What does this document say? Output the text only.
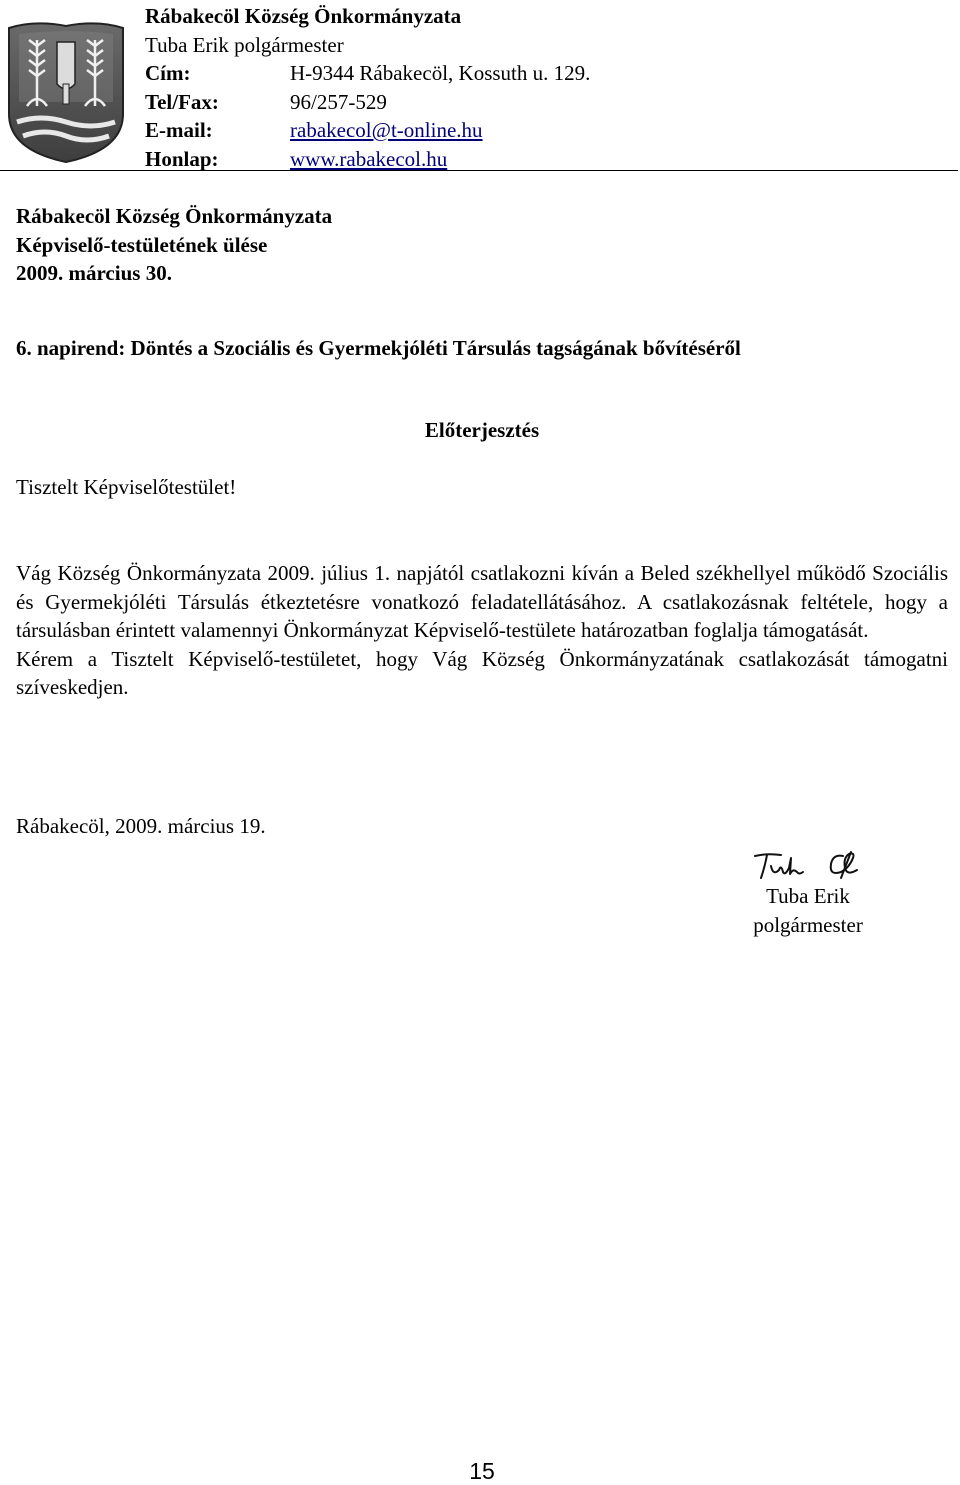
Rábakecöl Község Önkormányzata
Tuba Erik polgármester
Cím:	H-9344 Rábakecöl, Kossuth u. 129.
Tel/Fax:	96/257-529
E-mail:	rabakecol@t-online.hu
Honlap:	www.rabakecol.hu
Rábakecöl Község Önkormányzata
Képviselő-testületének ülése
2009. március 30.
6. napirend: Döntés a Szociális és Gyermekjóléti Társulás tagságának bővítéséről
Előterjesztés
Tisztelt Képviselőtestület!

Vág Község Önkormányzata 2009. július 1. napjától csatlakozni kíván a Beled székhellyel működő Szociális és Gyermekjóléti Társulás étkeztetésre vonatkozó feladatellátásához. A csatlakozásnak feltétele, hogy a társulásban érintett valamennyi Önkormányzat Képviselő-testülete határozatban foglalja támogatását.

Kérem a Tisztelt Képviselő-testületet, hogy Vág Község Önkormányzatának csatlakozását támogatni szíveskedjen.

Rábakecöl, 2009. március 19.
Tuba Erik
polgármester
15
